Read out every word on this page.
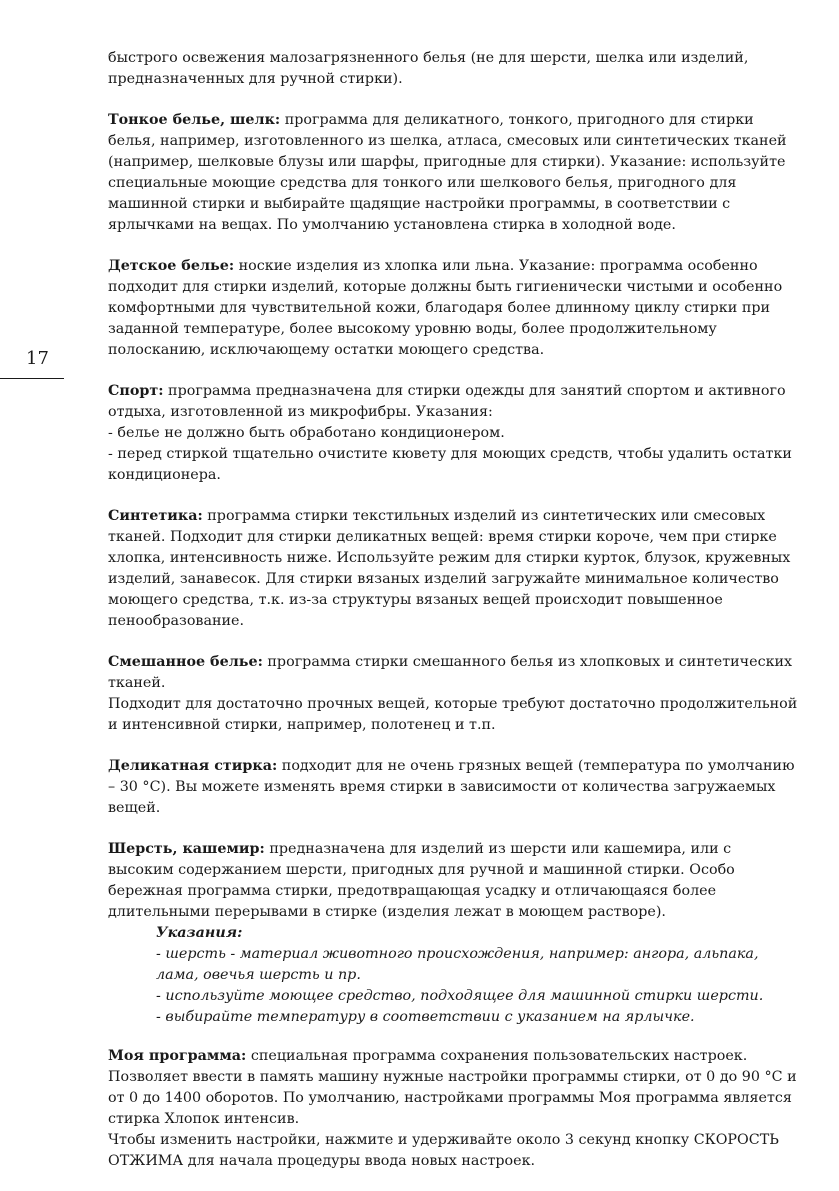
17

быстрого освежения малозагрязненного белья (не для шерсти, шелка или изделий, предназначенных для ручной стирки).

Тонкое белье, шелк: программа для деликатного, тонкого, пригодного для стирки белья, например, изготовленного из шелка, атласа, смесовых или синтетических тканей (например, шелковые блузы или шарфы, пригодные для стирки). Указание: используйте специальные моющие средства для тонкого или шелкового белья, пригодного для машинной стирки и выбирайте щадящие настройки программы, в соответствии с ярлычками на вещах. По умолчанию установлена стирка в холодной воде.

Детское белье: ноские изделия из хлопка или льна. Указание: программа особенно подходит для стирки изделий, которые должны быть гигиенически чистыми и особенно комфортными для чувствительной кожи, благодаря более длинному циклу стирки при заданной температуре, более высокому уровню воды, более продолжительному полосканию, исключающему остатки моющего средства.

Спорт: программа предназначена для стирки одежды для занятий спортом и активного отдыха, изготовленной из микрофибры. Указания:
- белье не должно быть обработано кондиционером.
- перед стиркой тщательно очистите кювету для моющих средств, чтобы удалить остатки кондиционера.

Синтетика: программа стирки текстильных изделий из синтетических или смесовых тканей. Подходит для стирки деликатных вещей: время стирки короче, чем при стирке хлопка, интенсивность ниже. Используйте режим для стирки курток, блузок, кружевных изделий, занавесок. Для стирки вязаных изделий загружайте минимальное количество моющего средства, т.к. из-за структуры вязаных вещей происходит повышенное пенообразование.

Смешанное белье: программа стирки смешанного белья из хлопковых и синтетических тканей.
Подходит для достаточно прочных вещей, которые требуют достаточно продолжительной и интенсивной стирки, например, полотенец и т.п.

Деликатная стирка: подходит для не очень грязных вещей (температура по умолчанию – 30 °С). Вы можете изменять время стирки в зависимости от количества загружаемых вещей.

Шерсть, кашемир: предназначена для изделий из шерсти или кашемира, или с высоким содержанием шерсти, пригодных для ручной и машинной стирки. Особо бережная программа стирки, предотвращающая усадку и отличающаяся более длительными перерывами в стирке (изделия лежат в моющем растворе).

Указания:
- шерсть - материал животного происхождения, например: ангора, альпака, лама, овечья шерсть и пр.
- используйте моющее средство, подходящее для машинной стирки шерсти.
- выбирайте температуру в соответствии с указанием на ярлычке.

Моя программа: специальная программа сохранения пользовательских настроек. Позволяет ввести в память машину нужные настройки программы стирки, от 0 до 90 °С и от 0 до 1400 оборотов. По умолчанию, настройками программы Моя программа является стирка Хлопок интенсив.
Чтобы изменить настройки, нажмите и удерживайте около 3 секунд кнопку СКОРОСТЬ ОТЖИМА для начала процедуры ввода новых настроек.
